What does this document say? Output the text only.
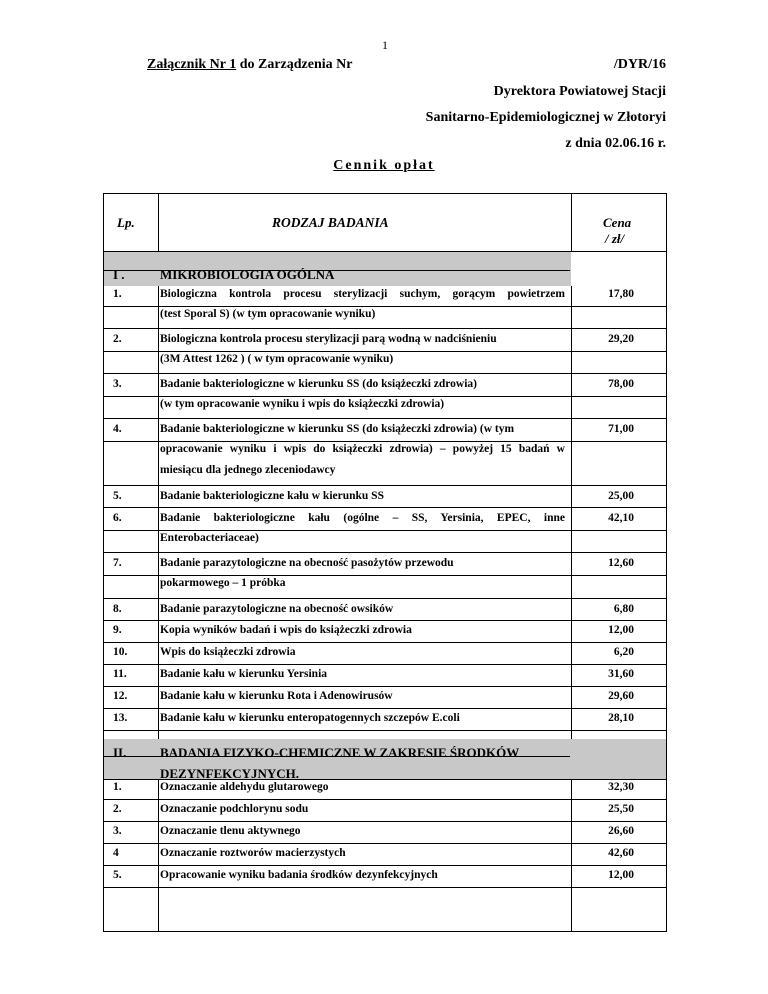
1
Załącznik Nr 1 do Zarządzenia Nr	/DYR/16
Dyrektora Powiatowej Stacji
Sanitarno-Epidemiologicznej w Złotoryi
z dnia 02.06.16 r.
Cennik opłat
Lp.	RODZAJ BADANIA	Cena
/ zł/
I .	MIKROBIOLOGIA OGÓLNA
1.	Biologiczna kontrola procesu sterylizacji suchym, gorącym powietrzem	17,80
(test Sporal S) (w tym opracowanie wyniku)
2.	Biologiczna kontrola procesu sterylizacji parą wodną w nadciśnieniu	29,20
(3M Attest 1262 ) ( w tym opracowanie wyniku)
3.	Badanie bakteriologiczne w kierunku SS (do książeczki zdrowia)	78,00
(w tym opracowanie wyniku i wpis do książeczki zdrowia)
4.	Badanie bakteriologiczne w kierunku SS (do książeczki zdrowia) (w tym	71,00
opracowanie wyniku i wpis do książeczki zdrowia) – powyżej 15 badań w
miesiącu dla jednego zleceniodawcy
5.	Badanie bakteriologiczne kału w kierunku SS	25,00
6.	Badanie bakteriologiczne kału (ogólne – SS, Yersinia, EPEC, inne	42,10
Enterobacteriaceae)
7.	Badanie parazytologiczne na obecność pasożytów przewodu	12,60
pokarmowego – 1 próbka
8.	Badanie parazytologiczne na obecność owsików	6,80
9.	Kopia wyników badań i wpis do książeczki zdrowia	12,00
10.	Wpis do książeczki zdrowia	6,20
11.	Badanie kału w kierunku Yersinia	31,60
12.	Badanie kału w kierunku Rota i Adenowirusów	29,60
13.	Badanie kału w kierunku enteropatogennych szczepów E.coli	28,10
II.	BADANIA FIZYKO-CHEMICZNE W ZAKRESIE ŚRODKÓW
DEZYNFEKCYJNYCH.
1.	Oznaczanie aldehydu glutarowego	32,30
2.	Oznaczanie podchlorynu sodu	25,50
3.	Oznaczanie tlenu aktywnego	26,60
4	Oznaczanie roztworów macierzystych	42,60
5.	Opracowanie wyniku badania środków dezynfekcyjnych	12,00
